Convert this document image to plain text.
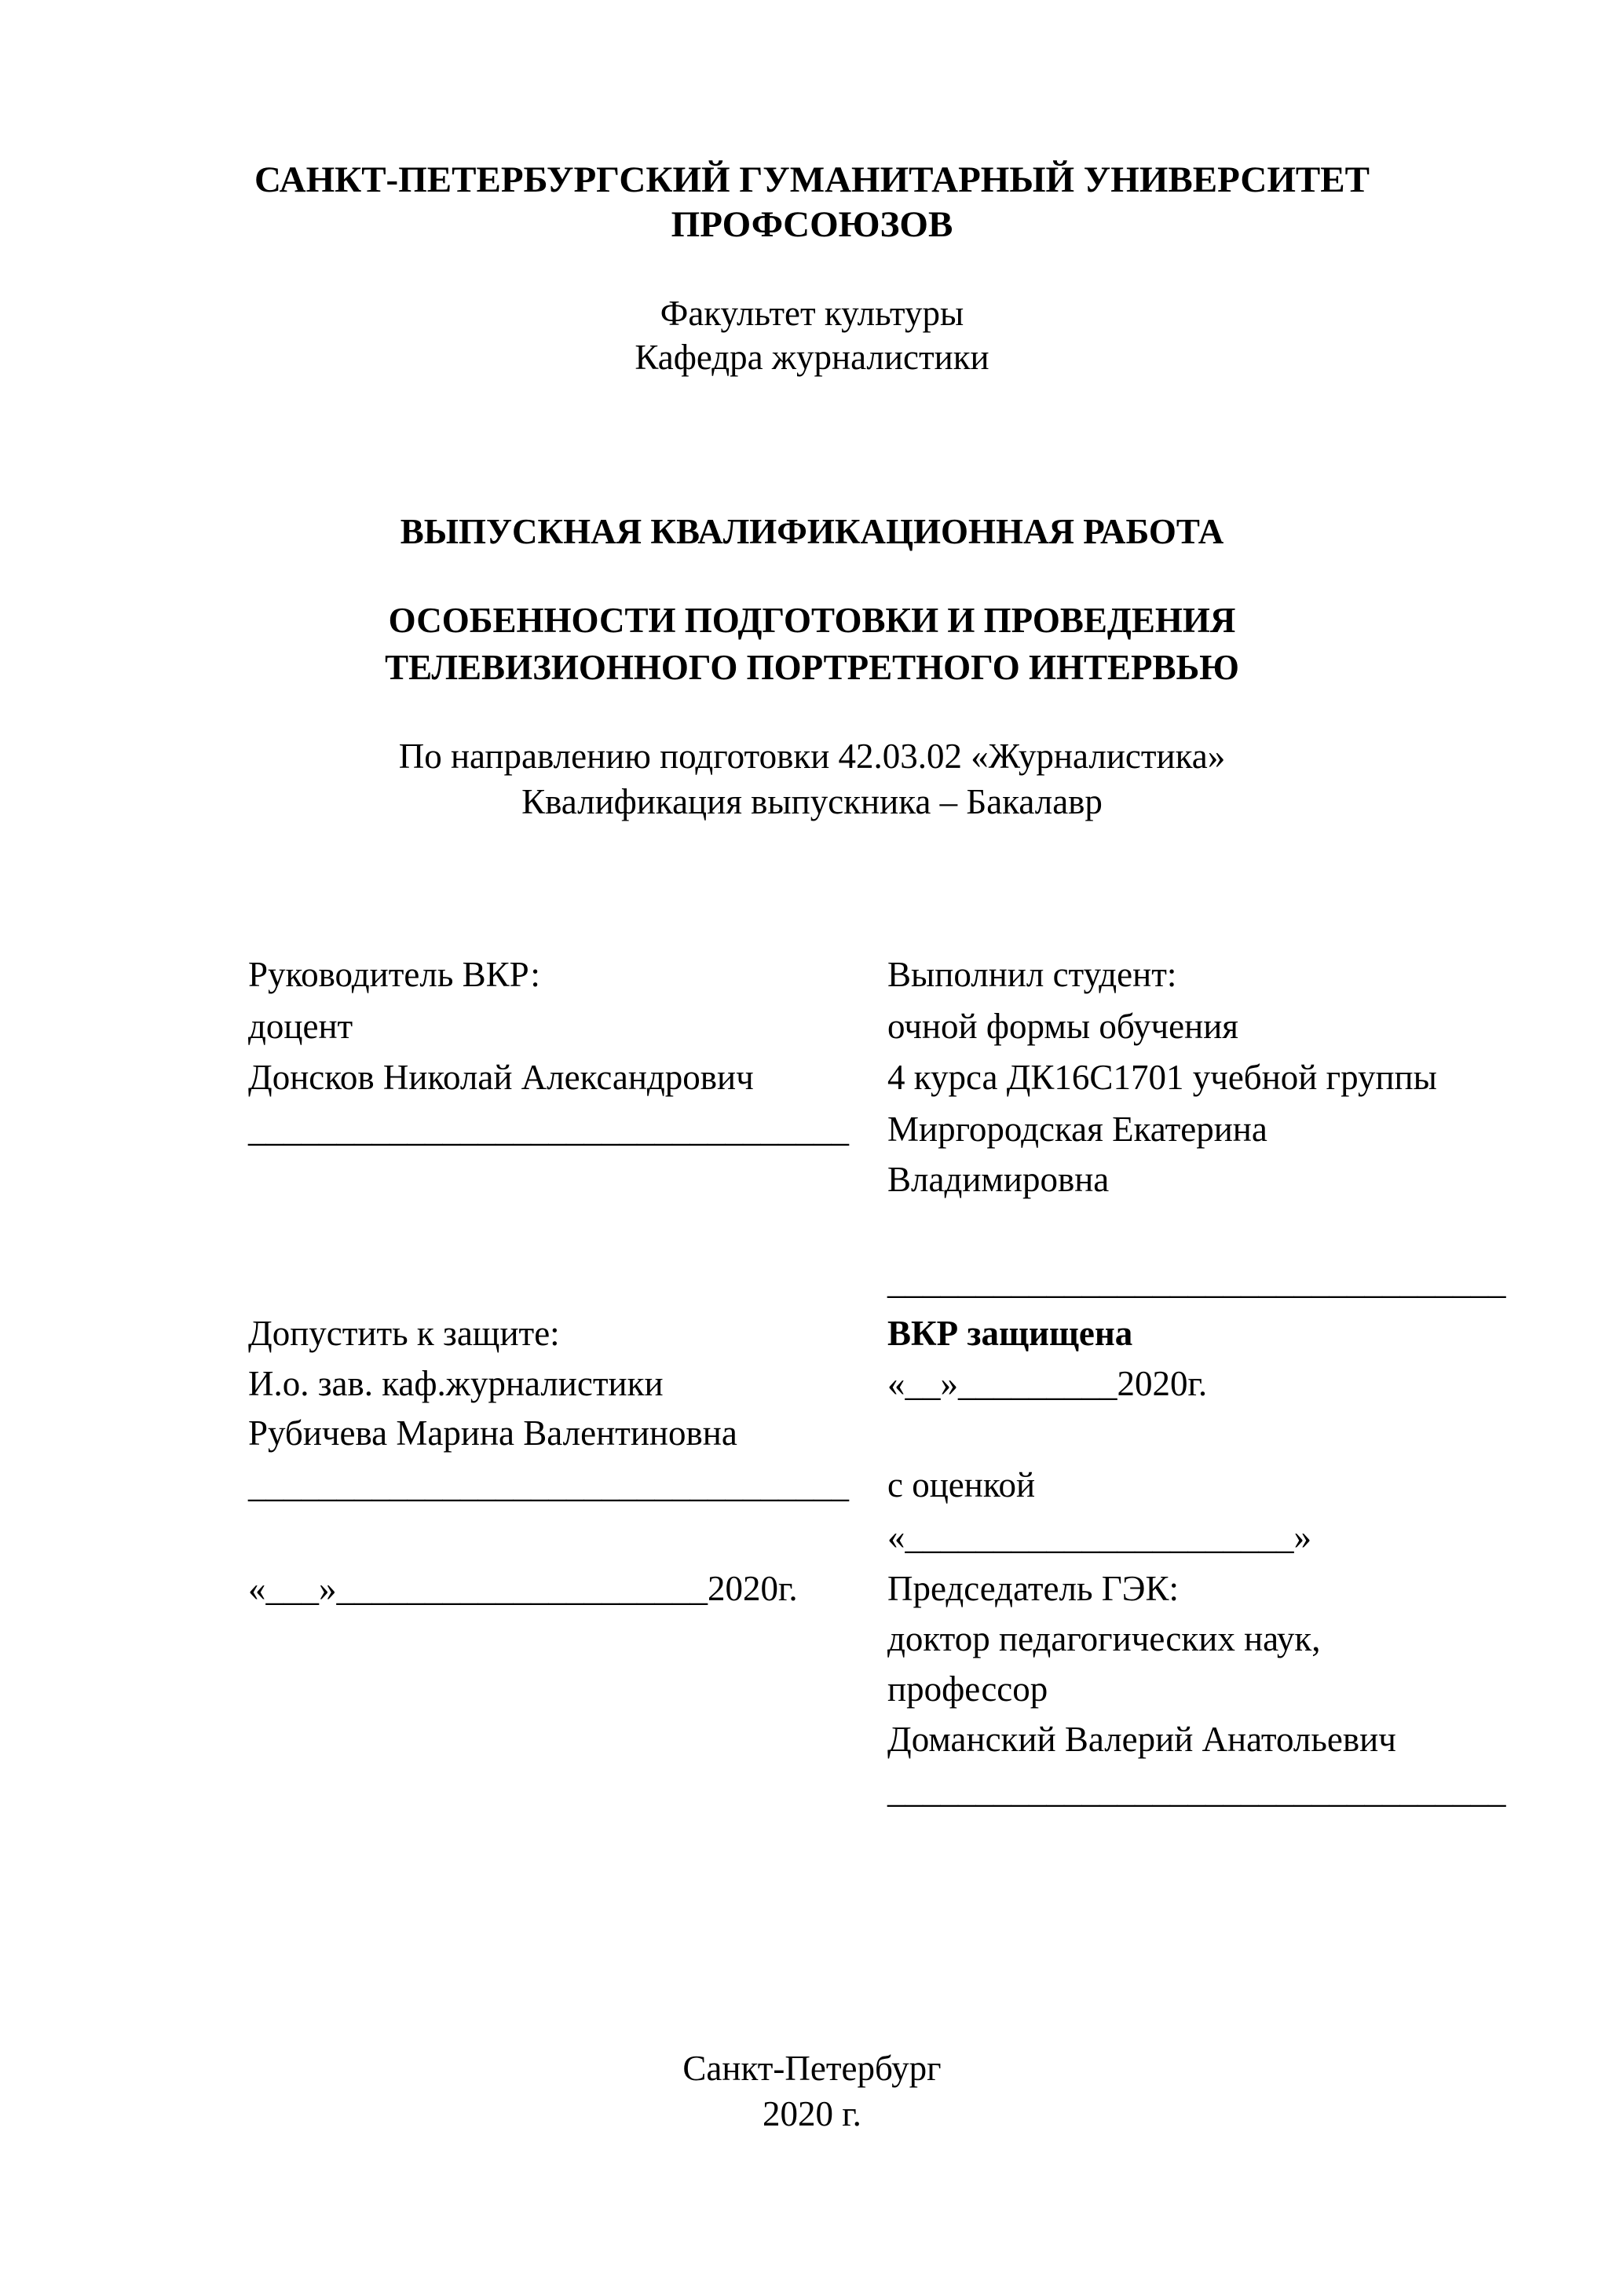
САНКТ-ПЕТЕРБУРГСКИЙ ГУМАНИТАРНЫЙ УНИВЕРСИТЕТ
ПРОФСОЮЗОВ
Факультет культуры
Кафедра журналистики
ВЫПУСКНАЯ КВАЛИФИКАЦИОННАЯ РАБОТА
ОСОБЕННОСТИ ПОДГОТОВКИ И ПРОВЕДЕНИЯ
ТЕЛЕВИЗИОННОГО ПОРТРЕТНОГО ИНТЕРВЬЮ
По направлению подготовки 42.03.02 «Журналистика»
Квалификация выпускника – Бакалавр
Руководитель ВКР:
доцент
Донсков Николай Александрович
__________________________________
Допустить к защите:
И.о. зав. каф.журналистики
Рубичева Марина Валентиновна
__________________________________
«___»_____________________2020г.
Выполнил студент:
очной формы обучения
4 курса ДК16С1701 учебной группы
Миргородская Екатерина
Владимировна
___________________________________
ВКР защищена
«__»_________2020г.
с оценкой
«______________________»
Председатель ГЭК:
доктор педагогических наук,
профессор
Доманский Валерий Анатольевич
___________________________________
Санкт-Петербург
2020 г.
